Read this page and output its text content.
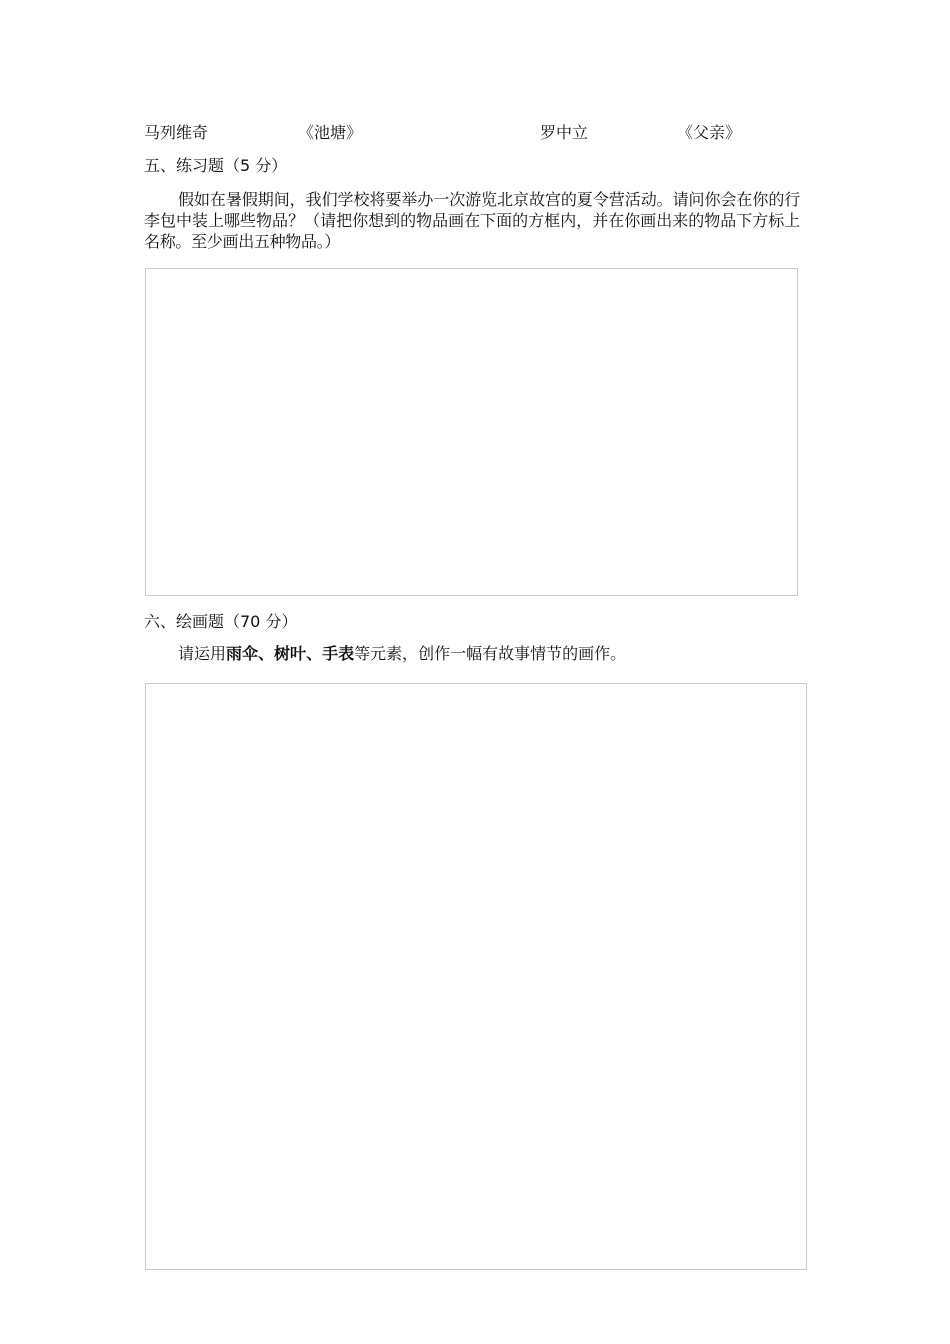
马列维奇	《池塘》	罗中立	《父亲》
五、练习题（5 分）
假如在暑假期间，我们学校将要举办一次游览北京故宫的夏令营活动。请问你会在你的行李包中装上哪些物品？（请把你想到的物品画在下面的方框内，并在你画出来的物品下方标上名称。至少画出五种物品。）
六、绘画题（70 分）
请运用雨伞、树叶、手表等元素，创作一幅有故事情节的画作。
